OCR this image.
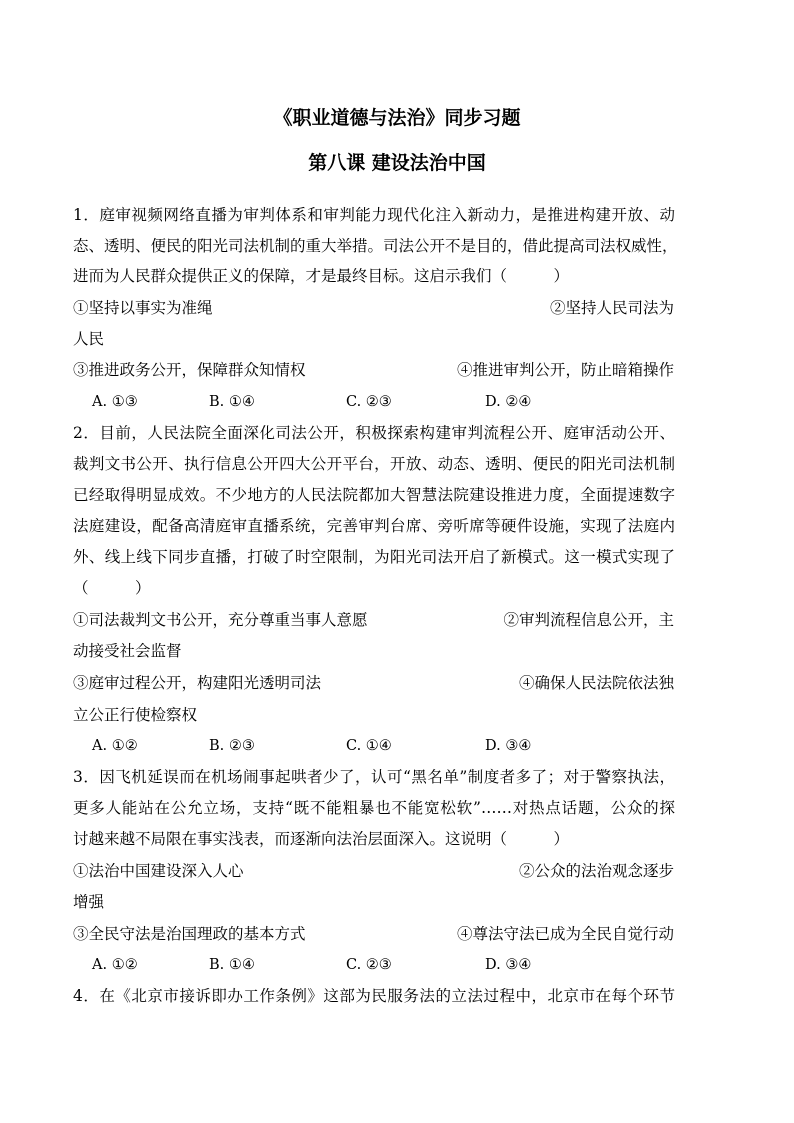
《职业道德与法治》同步习题
第八课 建设法治中国
1．庭审视频网络直播为审判体系和审判能力现代化注入新动力，是推进构建开放、动
态、透明、便民的阳光司法机制的重大举措。司法公开不是目的，借此提高司法权威性，
进而为人民群众提供正义的保障，才是最终目标。这启示我们（　　　）
①坚持以事实为准绳	②坚持人民司法为
人民
③推进政务公开，保障群众知情权	④推进审判公开，防止暗箱操作
A. ①③	B. ①④	C. ②③	D. ②④
2．目前，人民法院全面深化司法公开，积极探索构建审判流程公开、庭审活动公开、
裁判文书公开、执行信息公开四大公开平台，开放、动态、透明、便民的阳光司法机制
已经取得明显成效。不少地方的人民法院都加大智慧法院建设推进力度，全面提速数字
法庭建设，配备高清庭审直播系统，完善审判台席、旁听席等硬件设施，实现了法庭内
外、线上线下同步直播，打破了时空限制，为阳光司法开启了新模式。这一模式实现了
（　　　）
①司法裁判文书公开，充分尊重当事人意愿	②审判流程信息公开，主
动接受社会监督
③庭审过程公开，构建阳光透明司法	④确保人民法院依法独
立公正行使检察权
A. ①②	B. ②③	C. ①④	D. ③④
3．因飞机延误而在机场闹事起哄者少了，认可“黑名单”制度者多了；对于警察执法，
更多人能站在公允立场，支持“既不能粗暴也不能宽松软”……对热点话题，公众的探
讨越来越不局限在事实浅表，而逐渐向法治层面深入。这说明（　　　）
①法治中国建设深入人心	②公众的法治观念逐步
增强
③全民守法是治国理政的基本方式	④尊法守法已成为全民自觉行动
A. ①②	B. ①④	C. ②③	D. ③④
4．在《北京市接诉即办工作条例》这部为民服务法的立法过程中，北京市在每个环节
